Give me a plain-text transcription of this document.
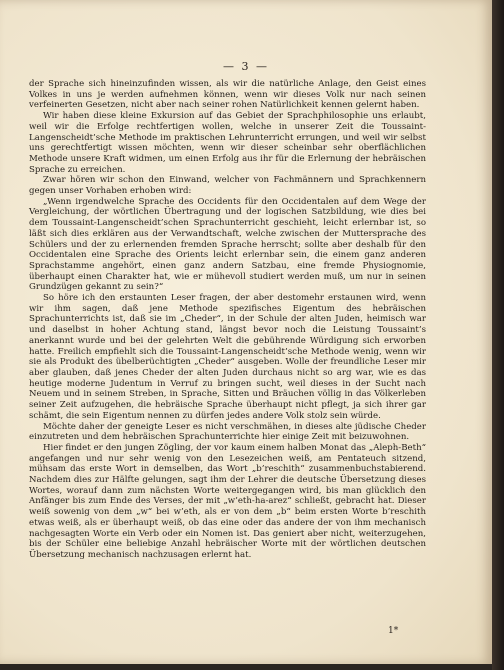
— 3 —

der Sprache sich hineinzufinden wissen, als wir die natürliche Anlage, den Geist eines Volkes in uns je werden aufnehmen können, wenn wir dieses Volk nur nach seinen verfeinerten Gesetzen, nicht aber nach seiner rohen Natürlichkeit kennen gelernt haben.

Wir haben diese kleine Exkursion auf das Gebiet der Sprachphilosophie uns erlaubt, weil wir die Erfolge rechtfertigen wollen, welche in unserer Zeit die Toussaint-Langenscheidt’sche Methode im praktischen Lehrunterricht errungen, und weil wir selbst uns gerechtfertigt wissen möchten, wenn wir dieser scheinbar sehr oberflächlichen Methode unsere Kraft widmen, um einen Erfolg aus ihr für die Erlernung der hebräischen Sprache zu erreichen.

Zwar hören wir schon den Einwand, welcher von Fachmännern und Sprachkennern gegen unser Vorhaben erhoben wird:

„Wenn irgendwelche Sprache des Occidents für den Occidentalen auf dem Wege der Vergleichung, der wörtlichen Übertragung und der logischen Satzbildung, wie dies bei dem Toussaint-Langenscheidt’schen Sprachunterricht geschieht, leicht erlernbar ist, so läßt sich dies erklären aus der Verwandtschaft, welche zwischen der Muttersprache des Schülers und der zu erlernenden fremden Sprache herrscht; sollte aber deshalb für den Occidentalen eine Sprache des Orients leicht erlernbar sein, die einem ganz anderen Sprachstamme angehört, einen ganz andern Satzbau, eine fremde Physiognomie, überhaupt einen Charakter hat, wie er mühevoll studiert werden muß, um nur in seinen Grundzügen gekannt zu sein?“

So höre ich den erstaunten Leser fragen, der aber destomehr erstaunen wird, wenn wir ihm sagen, daß jene Methode spezifisches Eigentum des hebräischen Sprachunterrichts ist, daß sie im „Cheder“, in der Schule der alten Juden, heimisch war und daselbst in hoher Achtung stand, längst bevor noch die Leistung Toussaint’s anerkannt wurde und bei der gelehrten Welt die gebührende Würdigung sich erworben hatte. Freilich empfiehlt sich die Toussaint-Langenscheidt’sche Methode wenig, wenn wir sie als Produkt des übelberüchtigten „Cheder“ ausgeben. Wolle der freundliche Leser mir aber glauben, daß jenes Cheder der alten Juden durchaus nicht so arg war, wie es das heutige moderne Judentum in Verruf zu bringen sucht, weil dieses in der Sucht nach Neuem und in seinem Streben, in Sprache, Sitten und Bräuchen völlig in das Völkerleben seiner Zeit aufzugehen, die hebräische Sprache überhaupt nicht pflegt, ja sich ihrer gar schämt, die sein Eigentum nennen zu dürfen jedes andere Volk stolz sein würde.

Möchte daher der geneigte Leser es nicht verschmähen, in dieses alte jüdische Cheder einzutreten und dem hebräischen Sprachunterrichte hier einige Zeit mit beizuwohnen.

Hier findet er den jungen Zögling, der vor kaum einem halben Monat das „Aleph-Beth“ angefangen und nur sehr wenig von den Lesezeichen weiß, am Pentateuch sitzend, mühsam das erste Wort in demselben, das Wort „b’reschith“ zusammenbuchstabierend. Nachdem dies zur Hälfte gelungen, sagt ihm der Lehrer die deutsche Übersetzung dieses Wortes, worauf dann zum nächsten Worte weitergegangen wird, bis man glücklich den Anfänger bis zum Ende des Verses, der mit „w’eth-ha-arez“ schließt, gebracht hat. Dieser weiß sowenig von dem „w“ bei w’eth, als er von dem „b“ beim ersten Worte b’reschith etwas weiß, als er überhaupt weiß, ob das eine oder das andere der von ihm mechanisch nachgesagten Worte ein Verb oder ein Nomen ist. Das geniert aber nicht, weiterzugehen, bis der Schüler eine beliebige Anzahl hebräischer Worte mit der wörtlichen deutschen Übersetzung mechanisch nachzusagen erlernt hat.

1*
